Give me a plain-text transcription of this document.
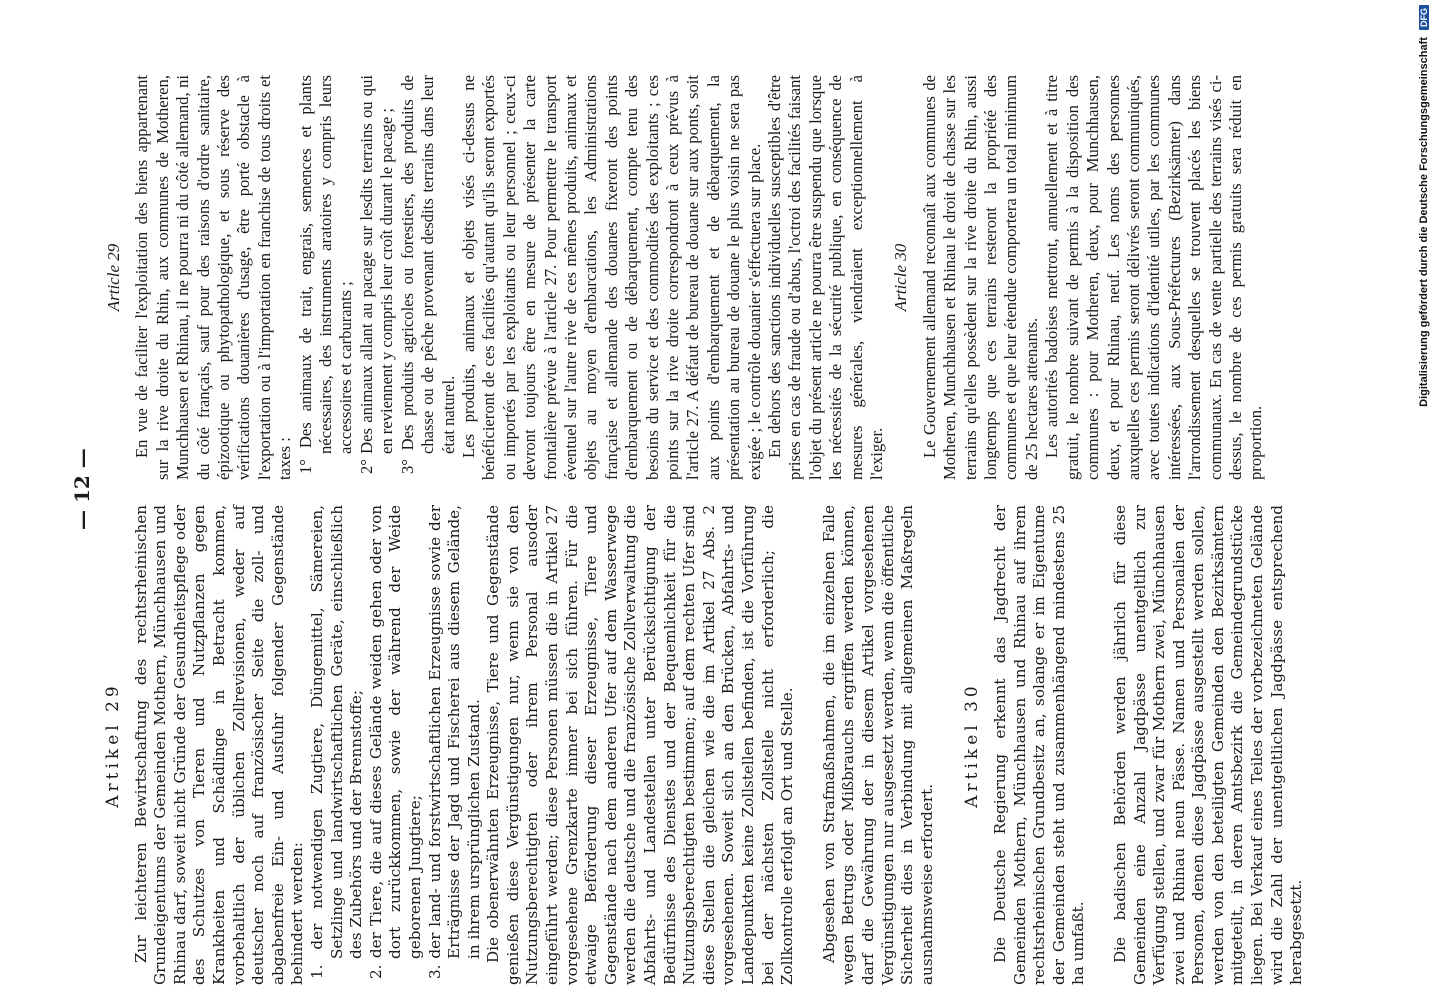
— 12 —
Artikel 29 Zur leichteren Bewirtschaftung des rechtsrheinischen Grundeigentums der Gemeinden Mothern, Münchhausen und Rhinau darf, soweit nicht Gründe der Gesundheitspflege oder des Schutzes von Tieren und Nutzpflanzen gegen Krankheiten und Schädlinge in Betracht kommen, vorbehaltlich der üblichen Zollrevisionen, weder auf deutscher noch auf französischer Seite die zoll- und abgabenfreie Ein- und Ausfuhr folgender Gegenstände behindert werden: 1. der notwendigen Zugtiere, Düngemittel, Sämereien, Setzlinge und landwirtschaftlichen Geräte, einschließlich des Zubehörs und der Brennstoffe; 2. der Tiere, die auf dieses Gelände weiden gehen oder von dort zurückkommen, sowie der während der Weide geborenen Jungtiere; 3. der land- und forstwirtschaftlichen Erzeugnisse sowie der Erträgnisse der Jagd und Fischerei aus diesem Gelände, in ihrem ursprünglichen Zustand. Die obenerwähnten Erzeugnisse, Tiere und Gegenstände genießen diese Vergünstigungen nur, wenn sie von den Nutzungsberechtigten oder ihrem Personal ausoder eingeführt werden; diese Personen müssen die in Artikel 27 vorgesehene Grenzkarte immer bei sich führen. Für die etwaige Beförderung dieser Erzeugnisse, Tiere und Gegenstände nach dem anderen Ufer auf dem Wasserwege werden die deutsche und die französische Zollverwaltung die Abfahrts- und Landestellen unter Berücksichtigung der Bedürfnisse des Dienstes und der Bequemlichkeit für die Nutzungsberechtigten bestimmen; auf dem rechten Ufer sind diese Stellen die gleichen wie die im Artikel 27 Abs. 2 vorgesehenen. Soweit sich an den Brücken, Abfahrts- und Landepunkten keine Zollstellen befinden, ist die Vorführung bei der nächsten Zollstelle nicht erforderlich; die Zollkontrolle erfolgt an Ort und Stelle. Abgesehen von Strafmaßnahmen, die im einzelnen Falle wegen Betrugs oder Mißbrauchs ergriffen werden können, darf die Gewährung der in diesem Artikel vorgesehenen Vergünstigungen nur ausgesetzt werden, wenn die öffentliche Sicherheit dies in Verbindung mit allgemeinen Maßregeln ausnahmsweise erfordert.

Artikel 30 Die Deutsche Regierung erkennt das Jagdrecht der Gemeinden Mothern, Münchhausen und Rhinau auf ihrem rechtsrheinischen Grundbesitz an, solange er im Eigentume der Gemeinden steht und zusammenhängend mindestens 25 ha umfaßt. Die badischen Behörden werden jährlich für diese Gemeinden eine Anzahl Jagdpässe unentgeltlich zur Verfügung stellen, und zwar für Mothern zwei, Münchhausen zwei und Rhinau neun Pässe. Namen und Personalien der Personen, denen diese Jagdpässe ausgestellt werden sollen, werden von den beteiligten Gemeinden den Bezirksämtern mitgeteilt, in deren Amtsbezirk die Gemeindegrundstücke liegen. Bei Verkauf eines Teiles der vorbezeichneten Gelände wird die Zahl der unentgeltlichen Jagdpässe entsprechend herabgesetzt.

Article 29 En vue de faciliter l'exploitation des biens appartenant sur la rive droite du Rhin, aux communes de Motheren, Munchhausen et Rhinau, il ne pourra ni du côté allemand, ni du côté français, sauf pour des raisons d'ordre sanitaire, épizootique ou phytopathologique, et sous réserve des vérifications douanières d'usage, être porté obstacle à l'exportation ou à l'importation en franchise de tous droits et taxes : 1° Des animaux de trait, engrais, semences et plants nécessaires, des instruments aratoires y compris leurs accessoires et carburants ; 2° Des animaux allant au pacage sur lesdits terrains ou qui en reviennent y compris leur croît durant le pacage ; 3° Des produits agricoles ou forestiers, des produits de chasse ou de pêche provenant desdits terrains dans leur état naturel. Les produits, animaux et objets visés ci-dessus ne bénéficieront de ces facilités qu'autant qu'ils seront exportés ou importés par les exploitants ou leur personnel ; ceux-ci devront toujours être en mesure de présenter la carte frontalière prévue à l'article 27. Pour permettre le transport éventuel sur l'autre rive de ces mêmes produits, animaux et objets au moyen d'embarcations, les Administrations française et allemande des douanes fixeront des points d'embarquement ou de débarquement, compte tenu des besoins du service et des commodités des exploitants ; ces points sur la rive droite correspondront à ceux prévus à l'article 27. A défaut de bureau de douane sur aux ponts, soit aux points d'embarquement et de débarquement, la présentation au bureau de douane le plus voisin ne sera pas exigée ; le contrôle douanier s'effectuera sur place. En dehors des sanctions individuelles susceptibles d'être prises en cas de fraude ou d'abus, l'octroi des facilités faisant l'objet du présent article ne pourra être suspendu que lorsque les nécessités de la sécurité publique, en conséquence de mesures générales, viendraient exceptionnellement à l'exiger.

Article 30 Le Gouvernement allemand reconnaît aux communes de Motheren, Munchhausen et Rhinau le droit de chasse sur les terrains qu'elles possèdent sur la rive droite du Rhin, aussi longtemps que ces terrains resteront la propriété des communes et que leur étendue comportera un total minimum de 25 hectares attenants. Les autorités badoises mettront, annuellement et à titre gratuit, le nombre suivant de permis à la disposition des communes : pour Motheren, deux, pour Munchhausen, deux, et pour Rhinau, neuf. Les noms des personnes auxquelles ces permis seront délivrés seront communiqués, avec toutes indications d'identité utiles, par les communes intéressées, aux Sous-Préfectures (Bezirksämter) dans l'arrondissement desquelles se trouvent placés les biens communaux. En cas de vente partielle des terrains visés ci-dessus, le nombre de ces permis gratuits sera réduit en proportion.

Digitalisierung gefördert durch die Deutsche Forschungsgemeinschaft DFG
